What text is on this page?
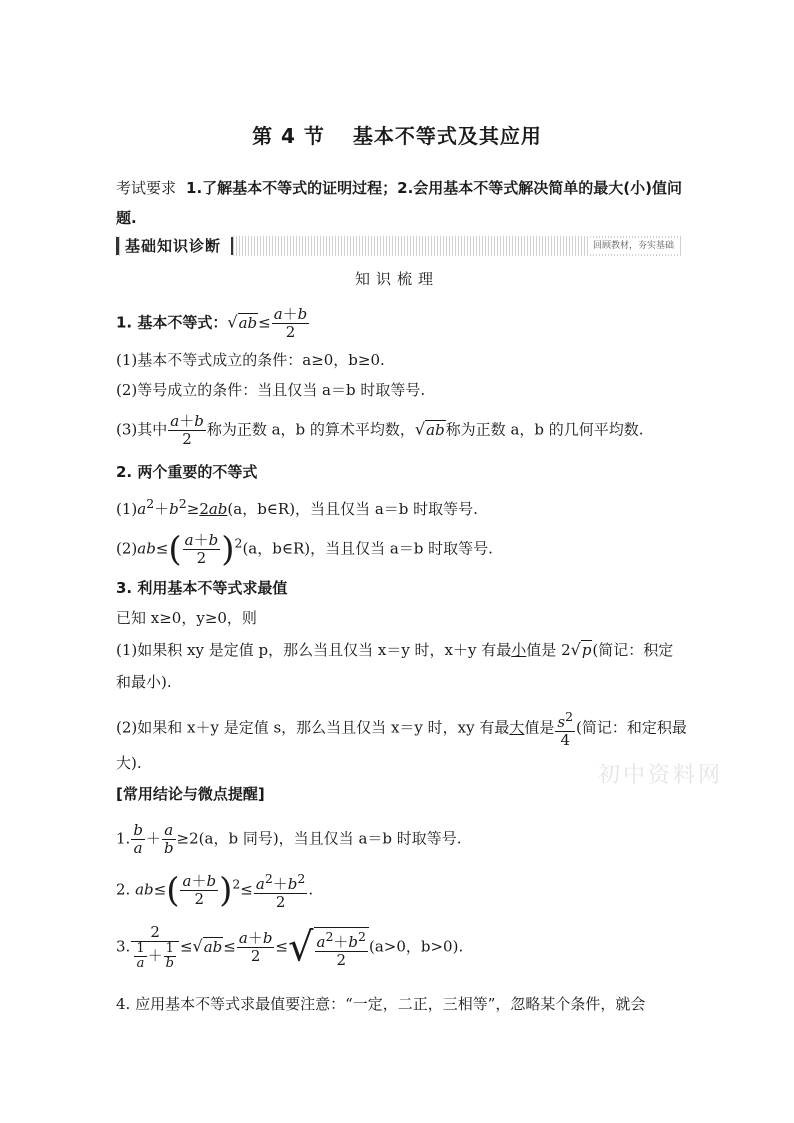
第 4 节 基本不等式及其应用
考试要求 1.了解基本不等式的证明过程；2.会用基本不等式解决简单的最大(小)值问题.
基础知识诊断	回顾教材，夯实基础
知识梳理
1. 基本不等式：$√ab\le \frac{a+b}{2}$
(1)基本不等式成立的条件：a≥0，b≥0.
(2)等号成立的条件：当且仅当 a＝b 时取等号.
(3)其中 $\frac{a+b}{2}$ 称为正数 a，b 的算术平均数，√ab称为正数 a，b 的几何平均数.
2. 两个重要的不等式
$(1)a^2+b^2\ge 2ab(a$，b∈R)，当且仅当 a＝b 时取等号.
$(2)ab\le( \frac{a+b}{2} )^2(a$，b∈R)，当且仅当 a＝b 时取等号.
3. 利用基本不等式求最值
已知 x≥0，y≥0，则
(1)如果积 xy 是定值 p，那么当且仅当 x＝y 时，x＋y 有最小值是 2√p(简记：积定
和最小).
(2)如果和 x＋y 是定值 s，那么当且仅当 x＝y 时，xy 有最大值是 $\frac{s^2}{4}$ (简记：和定积最
大).
[常用结论与微点提醒]
1. $\frac{b}{a} + \frac{a}{b} \ge 2(a$，b 同号)，当且仅当 a＝b 时取等号.
2. $ab\le( \frac{a+b}{2} )^2\le \frac{a^2+b^2}{2}$ .
3. $\frac{2}{\frac{1}{a} + \frac{1}{b}} \le√ab\le \frac{a+b}{2}$ ≤√ $\frac{a^2+b^2}{2} (a>0$，b>0).
4. 应用基本不等式求最值要注意：“一定，二正，三相等”，忽略某个条件，就会
初中资料网
